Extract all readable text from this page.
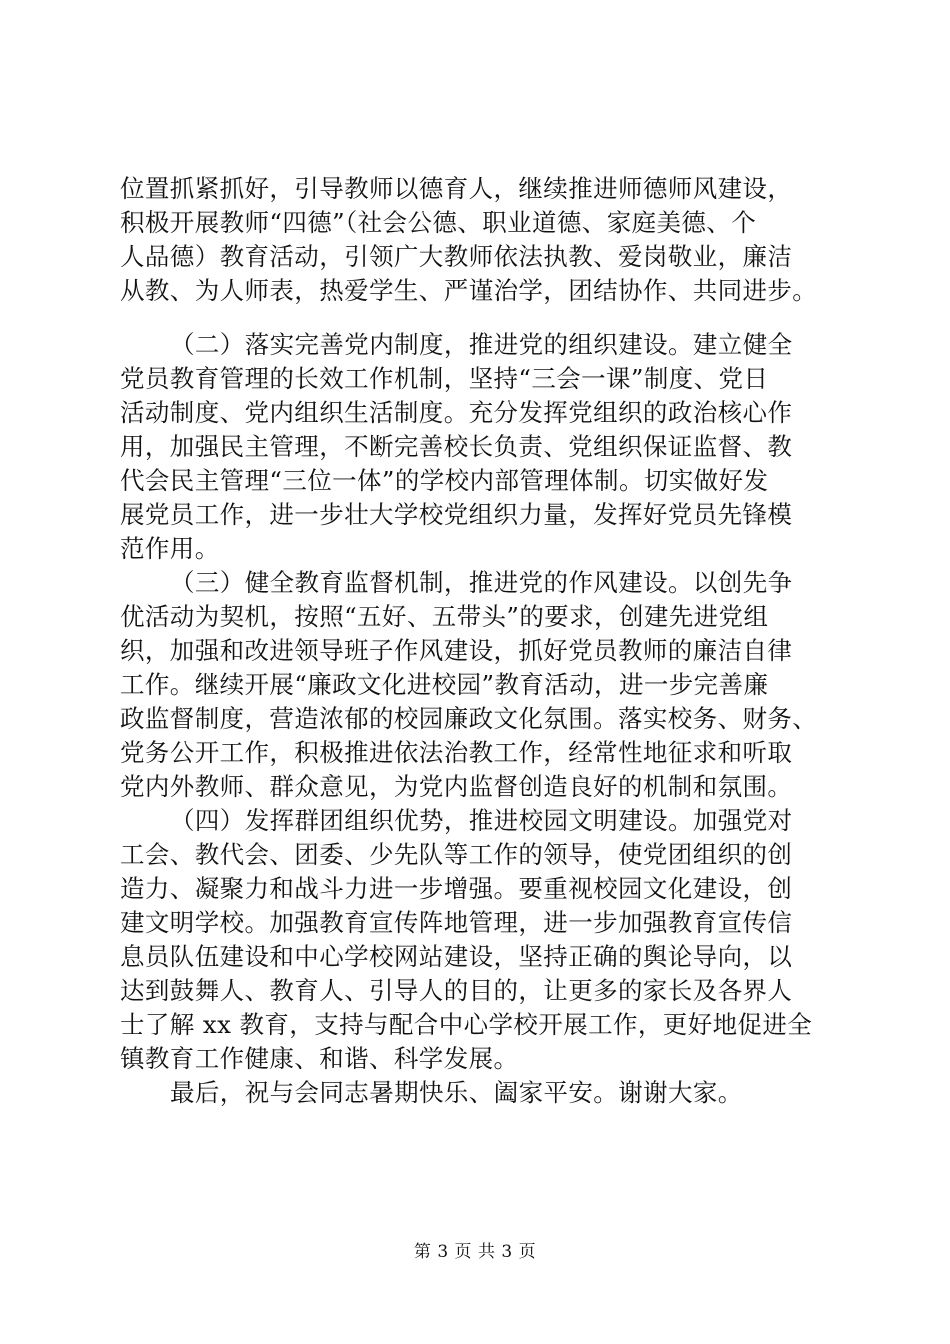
位置抓紧抓好，引导教师以德育人，继续推进师德师风建设，
积极开展教师“四德”（社会公德、职业道德、家庭美德、个
人品德）教育活动，引领广大教师依法执教、爱岗敬业，廉洁
从教、为人师表，热爱学生、严谨治学，团结协作、共同进步。
（二）落实完善党内制度，推进党的组织建设。建立健全
党员教育管理的长效工作机制，坚持“三会一课”制度、党日
活动制度、党内组织生活制度。充分发挥党组织的政治核心作
用，加强民主管理，不断完善校长负责、党组织保证监督、教
代会民主管理“三位一体”的学校内部管理体制。切实做好发
展党员工作，进一步壮大学校党组织力量，发挥好党员先锋模
范作用。
（三）健全教育监督机制，推进党的作风建设。以创先争
优活动为契机，按照“五好、五带头”的要求，创建先进党组
织，加强和改进领导班子作风建设，抓好党员教师的廉洁自律
工作。继续开展“廉政文化进校园”教育活动，进一步完善廉
政监督制度，营造浓郁的校园廉政文化氛围。落实校务、财务、
党务公开工作，积极推进依法治教工作，经常性地征求和听取
党内外教师、群众意见，为党内监督创造良好的机制和氛围。
（四）发挥群团组织优势，推进校园文明建设。加强党对
工会、教代会、团委、少先队等工作的领导，使党团组织的创
造力、凝聚力和战斗力进一步增强。要重视校园文化建设，创
建文明学校。加强教育宣传阵地管理，进一步加强教育宣传信
息员队伍建设和中心学校网站建设，坚持正确的舆论导向，以
达到鼓舞人、教育人、引导人的目的，让更多的家长及各界人
士了解 xx 教育，支持与配合中心学校开展工作，更好地促进全
镇教育工作健康、和谐、科学发展。
最后，祝与会同志暑期快乐、阖家平安。谢谢大家。
第 3 页 共 3 页
